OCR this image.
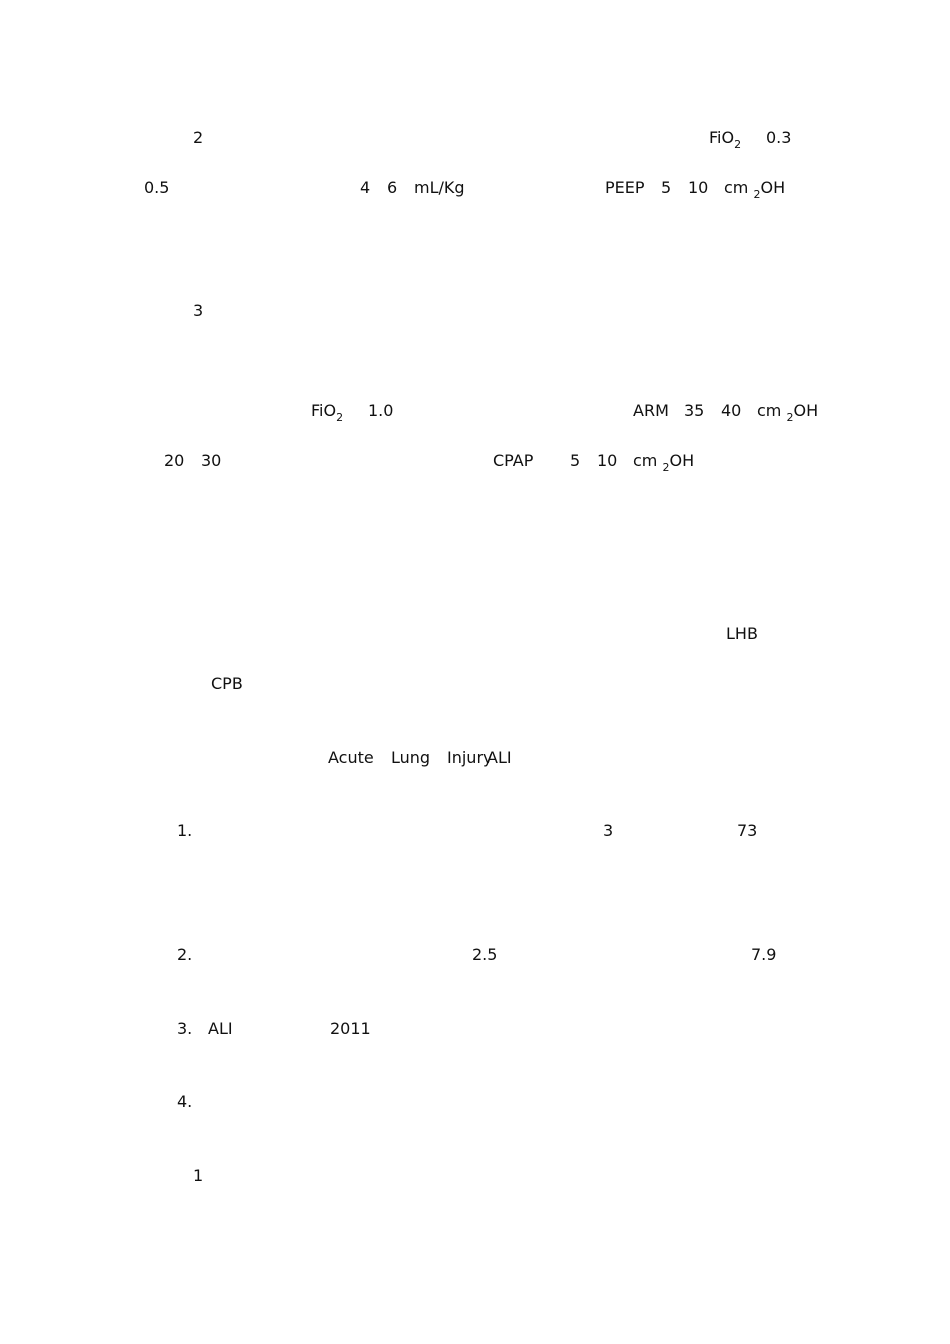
2	FiO$_2$ 0.3
0.5	4 6 mL/Kg	PEEP 5 10 cm $_2$OH
3
FiO$_2$ 1.0	ARM 35 40 cm $_2$OH
20 30	CPAP 5 10 cm $_2$OH
LHB
CPB
Acute Lung Injury
ALI
1.	3	73
2.	2.5	7.9
3. ALI	2011
4.
1
